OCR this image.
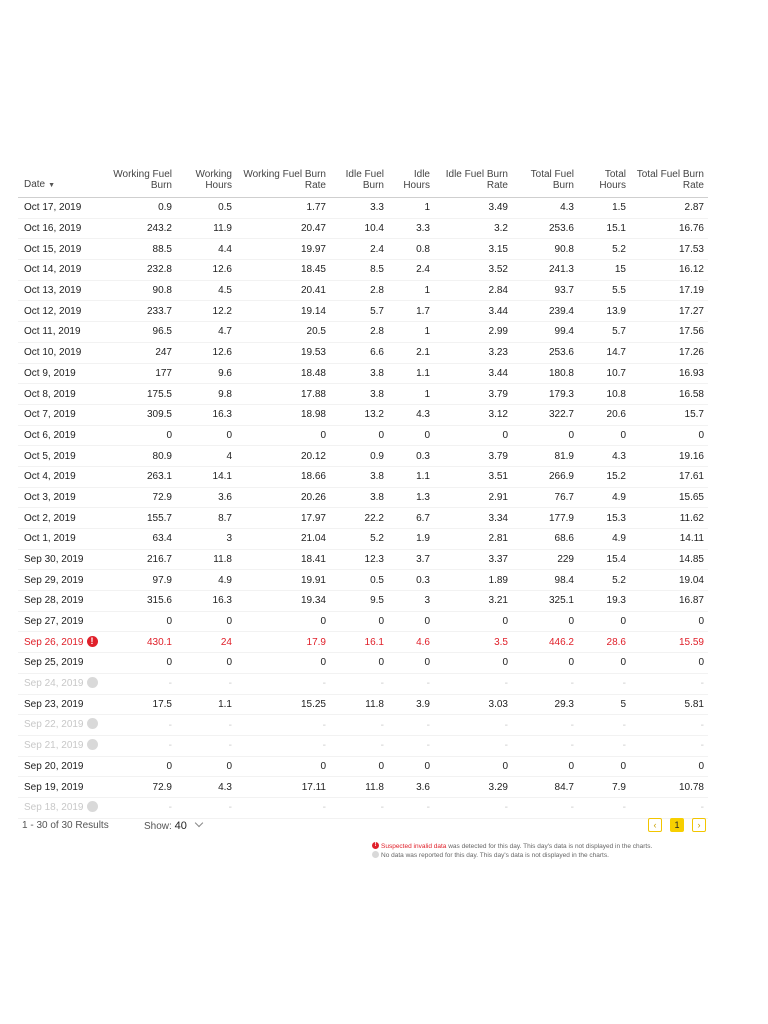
Date ▼	Working Fuel Burn	Working Hours	Working Fuel Burn Rate	Idle Fuel Burn	Idle Hours	Idle Fuel Burn Rate	Total Fuel Burn	Total Hours	Total Fuel Burn Rate
Oct 17, 2019	0.9	0.5	1.77	3.3	1	3.49	4.3	1.5	2.87
Oct 16, 2019	243.2	11.9	20.47	10.4	3.3	3.2	253.6	15.1	16.76
Oct 15, 2019	88.5	4.4	19.97	2.4	0.8	3.15	90.8	5.2	17.53
Oct 14, 2019	232.8	12.6	18.45	8.5	2.4	3.52	241.3	15	16.12
Oct 13, 2019	90.8	4.5	20.41	2.8	1	2.84	93.7	5.5	17.19
Oct 12, 2019	233.7	12.2	19.14	5.7	1.7	3.44	239.4	13.9	17.27
Oct 11, 2019	96.5	4.7	20.5	2.8	1	2.99	99.4	5.7	17.56
Oct 10, 2019	247	12.6	19.53	6.6	2.1	3.23	253.6	14.7	17.26
Oct 9, 2019	177	9.6	18.48	3.8	1.1	3.44	180.8	10.7	16.93
Oct 8, 2019	175.5	9.8	17.88	3.8	1	3.79	179.3	10.8	16.58
Oct 7, 2019	309.5	16.3	18.98	13.2	4.3	3.12	322.7	20.6	15.7
Oct 6, 2019	0	0	0	0	0	0	0	0	0
Oct 5, 2019	80.9	4	20.12	0.9	0.3	3.79	81.9	4.3	19.16
Oct 4, 2019	263.1	14.1	18.66	3.8	1.1	3.51	266.9	15.2	17.61
Oct 3, 2019	72.9	3.6	20.26	3.8	1.3	2.91	76.7	4.9	15.65
Oct 2, 2019	155.7	8.7	17.97	22.2	6.7	3.34	177.9	15.3	11.62
Oct 1, 2019	63.4	3	21.04	5.2	1.9	2.81	68.6	4.9	14.11
Sep 30, 2019	216.7	11.8	18.41	12.3	3.7	3.37	229	15.4	14.85
Sep 29, 2019	97.9	4.9	19.91	0.5	0.3	1.89	98.4	5.2	19.04
Sep 28, 2019	315.6	16.3	19.34	9.5	3	3.21	325.1	19.3	16.87
Sep 27, 2019	0	0	0	0	0	0	0	0	0
Sep 26, 2019 !	430.1	24	17.9	16.1	4.6	3.5	446.2	28.6	15.59
Sep 25, 2019	0	0	0	0	0	0	0	0	0
Sep 24, 2019	-	-	-	-	-	-	-	-	-
Sep 23, 2019	17.5	1.1	15.25	11.8	3.9	3.03	29.3	5	5.81
Sep 22, 2019	-	-	-	-	-	-	-	-	-
Sep 21, 2019	-	-	-	-	-	-	-	-	-
Sep 20, 2019	0	0	0	0	0	0	0	0	0
Sep 19, 2019	72.9	4.3	17.11	11.8	3.6	3.29	84.7	7.9	10.78
Sep 18, 2019	-	-	-	-	-	-	-	-	-
1 - 30 of 30 Results	Show: 40	‹	1	›
! Suspected invalid data was detected for this day. This day's data is not displayed in the charts.
No data was reported for this day. This day's data is not displayed in the charts.
